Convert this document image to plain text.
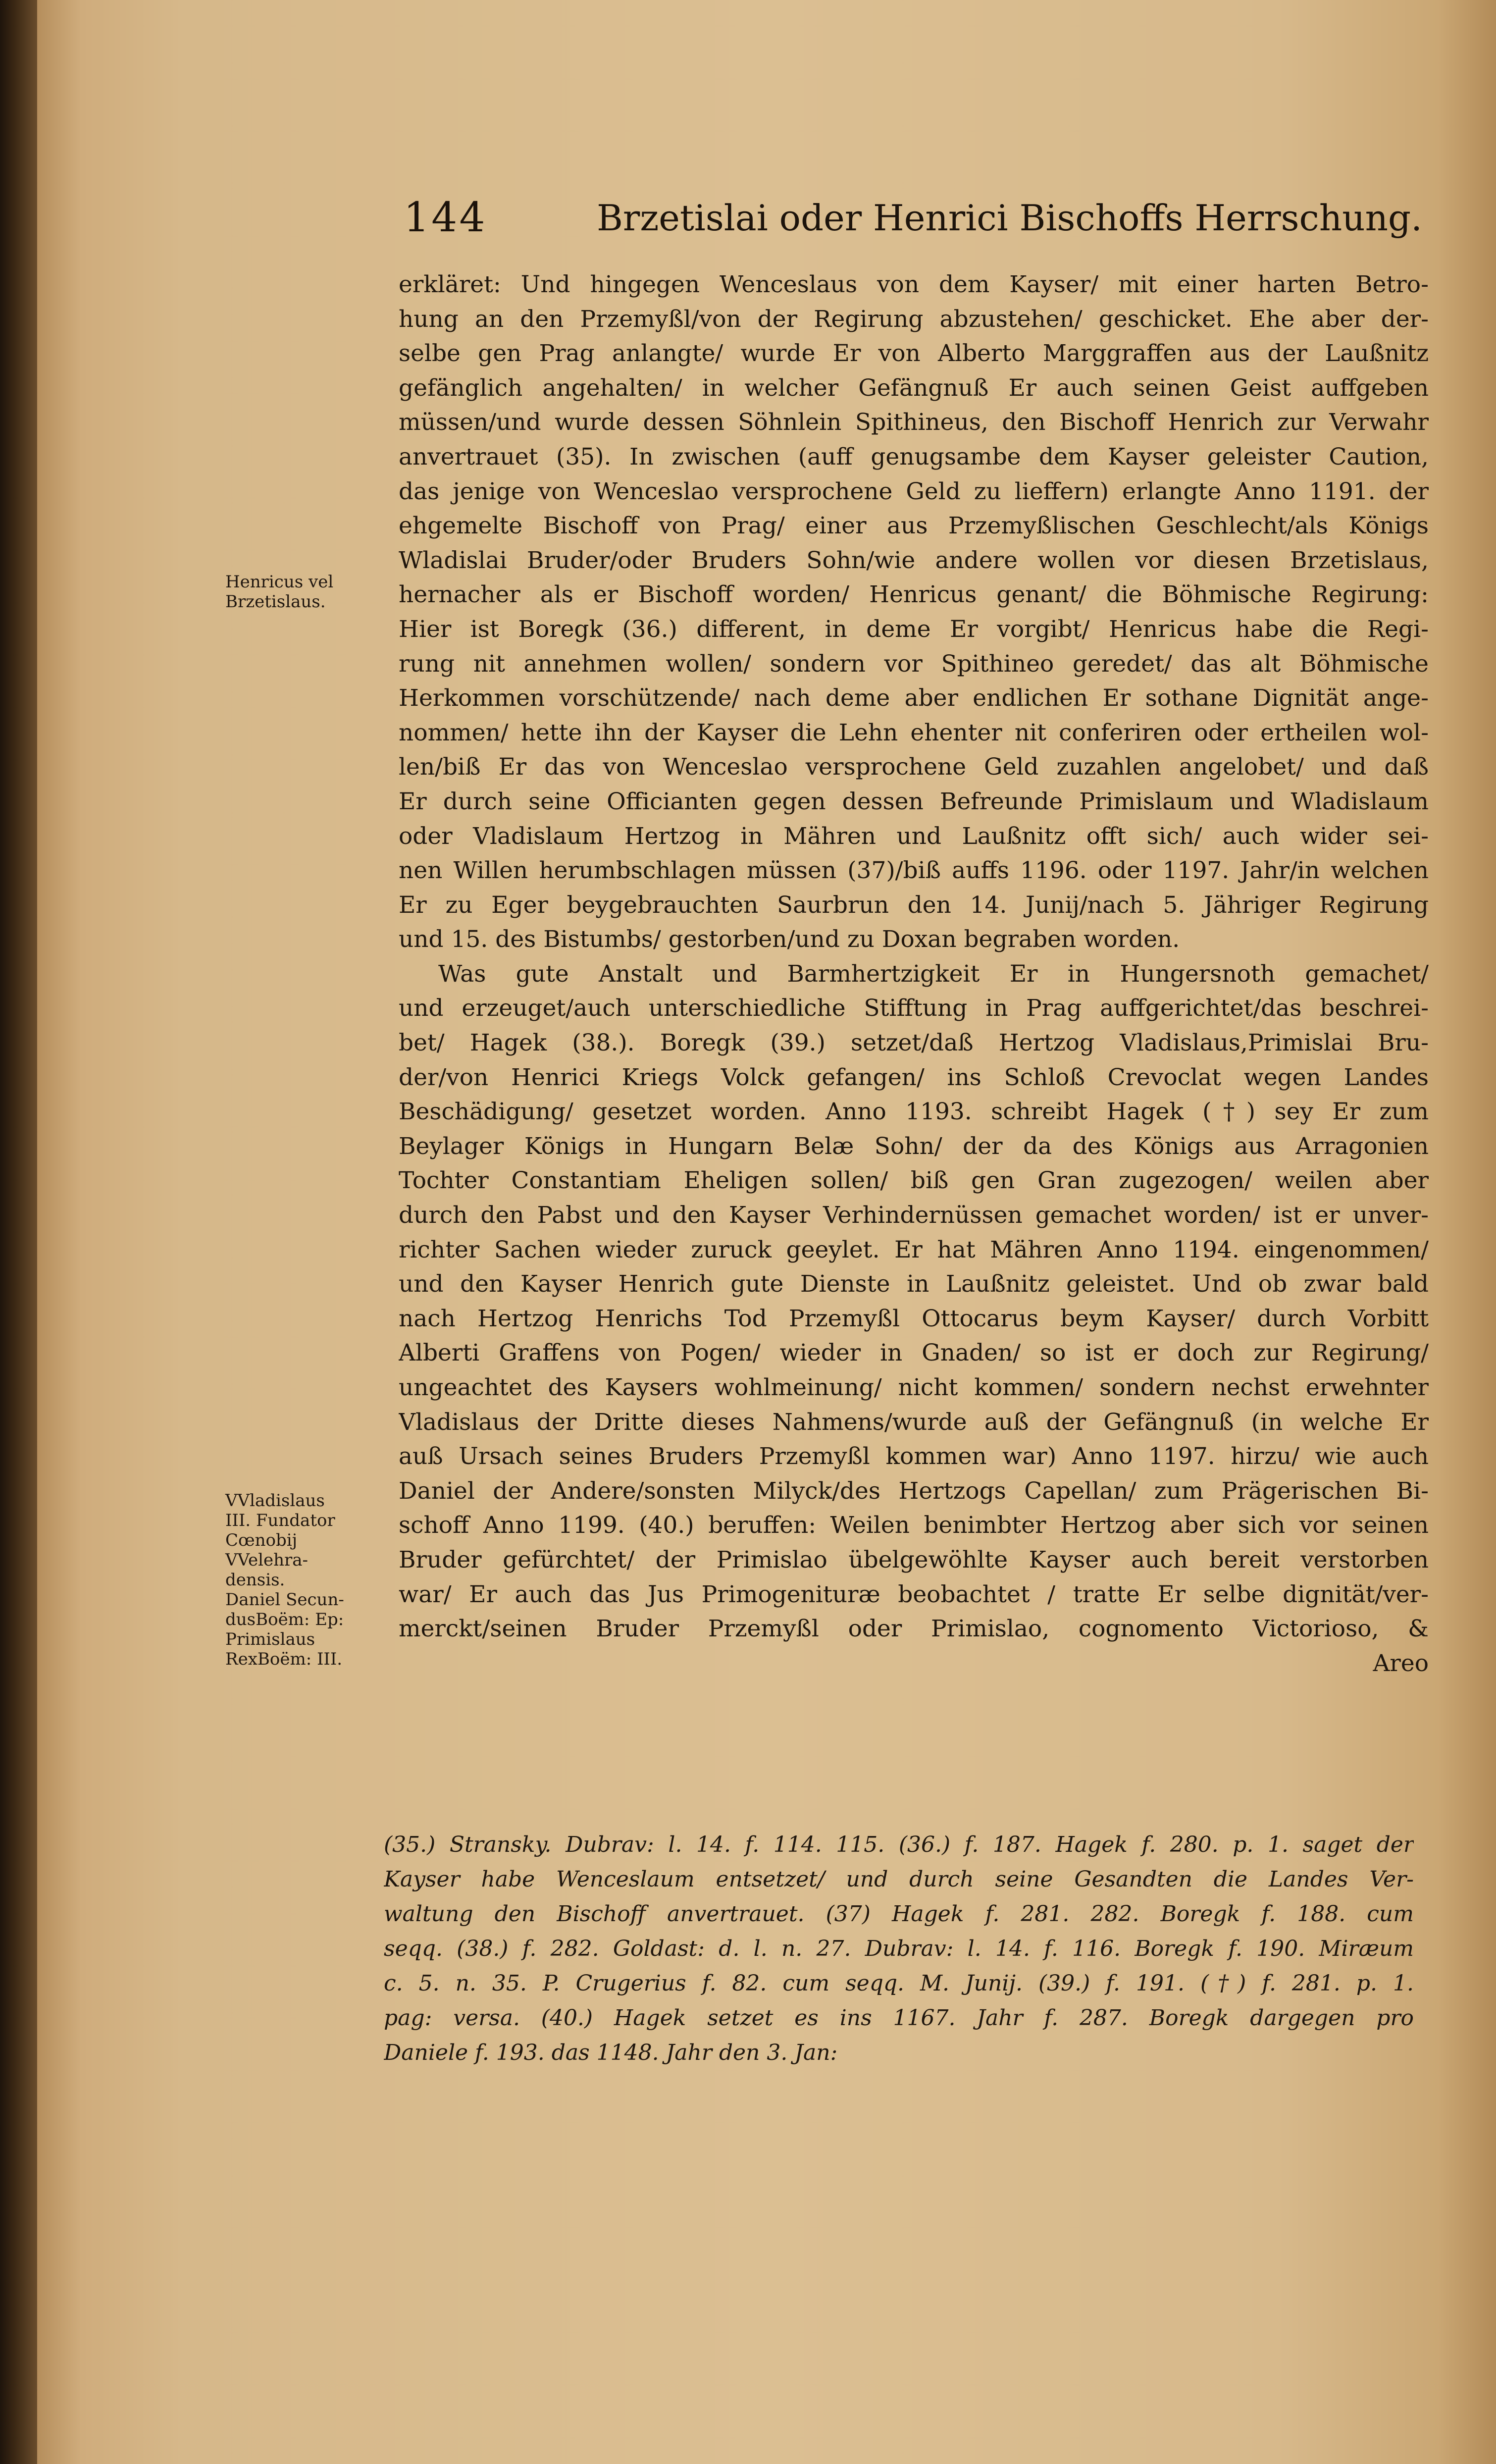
144	Brzetislai oder Henrici Bischoffs Herrschung.
Henricus vel
Brzetislaus.
VVladislaus
III. Fundator
Cœnobij
VVelehra-
densis.
Daniel Secun-
dusBoëm: Ep:
Primislaus
RexBoëm: III.
erkläret: Und hingegen Wenceslaus von dem Kayser/ mit einer harten Betro-
hung an den Przemyßl/von der Regirung abzustehen/ geschicket. Ehe aber der-
selbe gen Prag anlangte/ wurde Er von Alberto Marggraffen aus der Laußnitz
gefänglich angehalten/ in welcher Gefängnuß Er auch seinen Geist auffgeben
müssen/und wurde dessen Söhnlein Spithineus, den Bischoff Henrich zur Verwahr
anvertrauet (35). In zwischen (auff genugsambe dem Kayser geleister Caution,
das jenige von Wenceslao versprochene Geld zu lieffern) erlangte Anno 1191. der
ehgemelte Bischoff von Prag/ einer aus Przemyßlischen Geschlecht/als Königs
Wladislai Bruder/oder Bruders Sohn/wie andere wollen vor diesen Brzetislaus,
hernacher als er Bischoff worden/ Henricus genant/ die Böhmische Regirung:
Hier ist Boregk (36.) different, in deme Er vorgibt/ Henricus habe die Regi-
rung nit annehmen wollen/ sondern vor Spithineo geredet/ das alt Böhmische
Herkommen vorschützende/ nach deme aber endlichen Er sothane Dignität ange-
nommen/ hette ihn der Kayser die Lehn ehenter nit conferiren oder ertheilen wol-
len/biß Er das von Wenceslao versprochene Geld zuzahlen angelobet/ und daß
Er durch seine Officianten gegen dessen Befreunde Primislaum und Wladislaum
oder Vladislaum Hertzog in Mähren und Laußnitz offt sich/ auch wider sei-
nen Willen herumbschlagen müssen (37)/biß auffs 1196. oder 1197. Jahr/in welchen
Er zu Eger beygebrauchten Saurbrun den 14. Junij/nach 5. Jähriger Regirung
und 15. des Bistumbs/ gestorben/und zu Doxan begraben worden.
Was gute Anstalt und Barmhertzigkeit Er in Hungersnoth gemachet/
und erzeuget/auch unterschiedliche Stifftung in Prag auffgerichtet/das beschrei-
bet/ Hagek (38.). Boregk (39.) setzet/daß Hertzog Vladislaus,Primislai Bru-
der/von Henrici Kriegs Volck gefangen/ ins Schloß Crevoclat wegen Landes
Beschädigung/ gesetzet worden. Anno 1193. schreibt Hagek (†) sey Er zum
Beylager Königs in Hungarn Belæ Sohn/ der da des Königs aus Arragonien
Tochter Constantiam Eheligen sollen/ biß gen Gran zugezogen/ weilen aber
durch den Pabst und den Kayser Verhindernüssen gemachet worden/ ist er unver-
richter Sachen wieder zuruck geeylet. Er hat Mähren Anno 1194. eingenommen/
und den Kayser Henrich gute Dienste in Laußnitz geleistet. Und ob zwar bald
nach Hertzog Henrichs Tod Przemyßl Ottocarus beym Kayser/ durch Vorbitt
Alberti Graffens von Pogen/ wieder in Gnaden/ so ist er doch zur Regirung/
ungeachtet des Kaysers wohlmeinung/ nicht kommen/ sondern nechst erwehnter
Vladislaus der Dritte dieses Nahmens/wurde auß der Gefängnuß (in welche Er
auß Ursach seines Bruders Przemyßl kommen war) Anno 1197. hirzu/ wie auch
Daniel der Andere/sonsten Milyck/des Hertzogs Capellan/ zum Prägerischen Bi-
schoff Anno 1199. (40.) beruffen: Weilen benimbter Hertzog aber sich vor seinen
Bruder gefürchtet/ der Primislao übelgewöhlte Kayser auch bereit verstorben
war/ Er auch das Jus Primogenituræ beobachtet / tratte Er selbe dignität/ver-
merckt/seinen Bruder Przemyßl oder Primislao, cognomento Victorioso, &
Areo
(35.) Stransky. Dubrav: l. 14. f. 114. 115. (36.) f. 187. Hagek f. 280. p. 1. saget der
Kayser habe Wenceslaum entsetzet/ und durch seine Gesandten die Landes Ver-
waltung den Bischoff anvertrauet. (37) Hagek f. 281. 282. Boregk f. 188. cum
seqq. (38.) f. 282. Goldast: d. l. n. 27. Dubrav: l. 14. f. 116. Boregk f. 190. Miræum
c. 5. n. 35. P. Crugerius f. 82. cum seqq. M. Junij. (39.) f. 191. (†) f. 281. p. 1.
pag: versa. (40.) Hagek setzet es ins 1167. Jahr f. 287. Boregk dargegen pro
Daniele f. 193. das 1148. Jahr den 3. Jan:
